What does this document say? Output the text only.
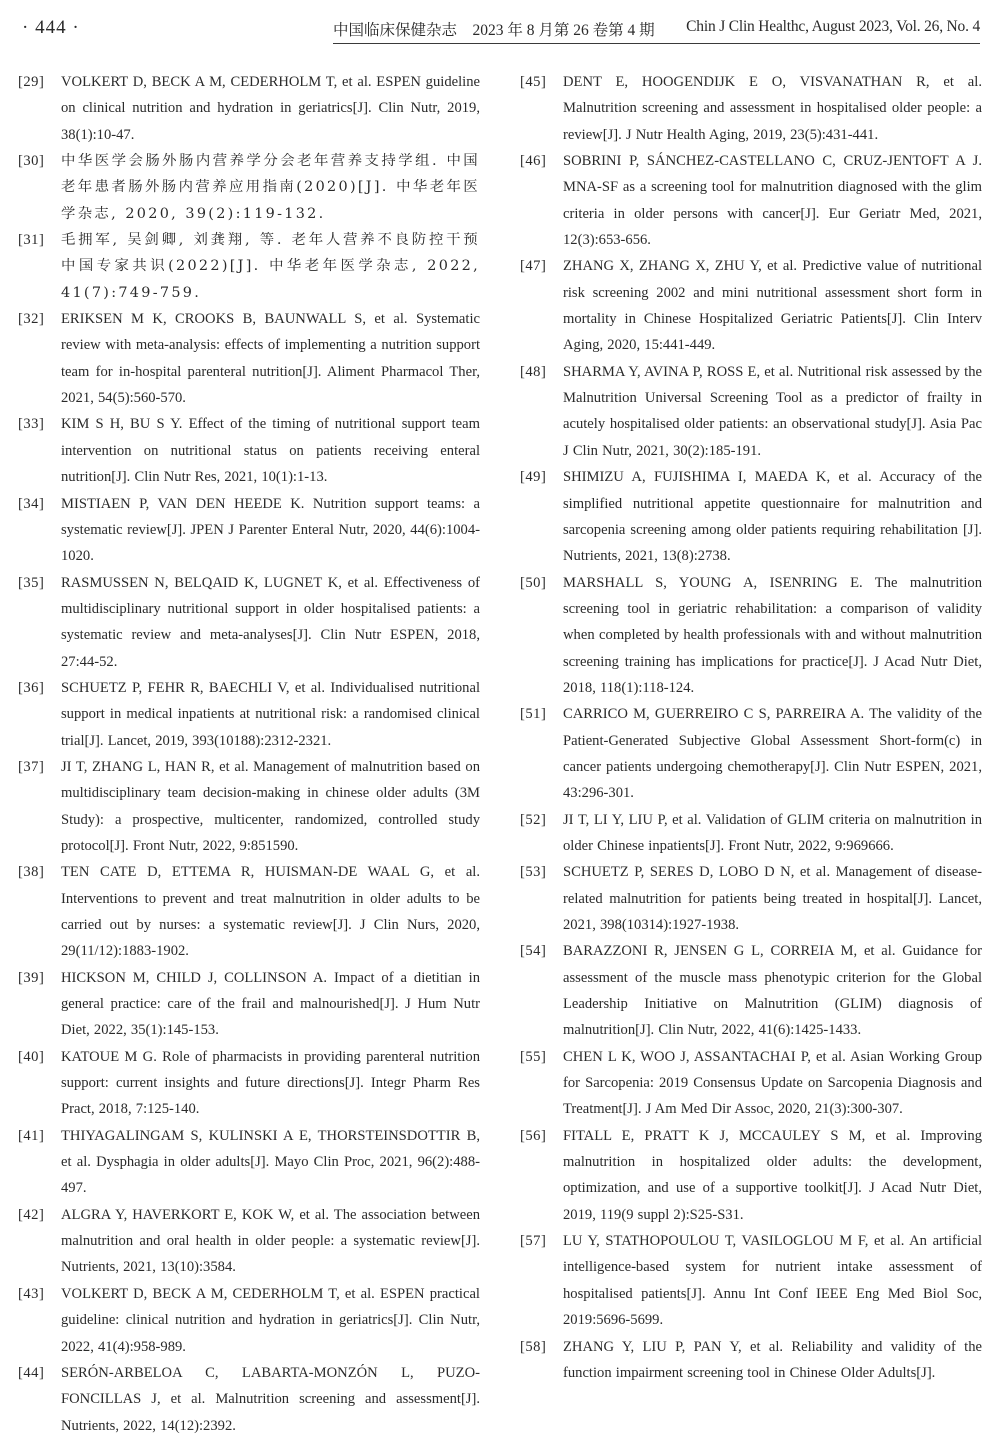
· 444 ·	中国临床保健杂志　2023 年 8 月第 26 卷第 4 期 Chin J Clin Healthc, August 2023, Vol. 26, No. 4
[29] VOLKERT D, BECK A M, CEDERHOLM T, et al. ESPEN guideline on clinical nutrition and hydration in geriatrics[J]. Clin Nutr, 2019, 38(1):10-47.
[30] 中华医学会肠外肠内营养学分会老年营养支持学组. 中国老年患者肠外肠内营养应用指南(2020)[J]. 中华老年医学杂志, 2020, 39(2):119-132.
[31] 毛拥军, 吴剑卿, 刘龚翔, 等. 老年人营养不良防控干预中国专家共识(2022)[J]. 中华老年医学杂志, 2022, 41(7):749-759.
[32] ERIKSEN M K, CROOKS B, BAUNWALL S, et al. Systematic review with meta-analysis: effects of implementing a nutrition support team for in-hospital parenteral nutrition[J]. Aliment Pharmacol Ther, 2021, 54(5):560-570.
[33] KIM S H, BU S Y. Effect of the timing of nutritional support team intervention on nutritional status on patients receiving enteral nutrition[J]. Clin Nutr Res, 2021, 10(1):1-13.
[34] MISTIAEN P, VAN DEN HEEDE K. Nutrition support teams: a systematic review[J]. JPEN J Parenter Enteral Nutr, 2020, 44(6):1004-1020.
[35] RASMUSSEN N, BELQAID K, LUGNET K, et al. Effectiveness of multidisciplinary nutritional support in older hospitalised patients: a systematic review and meta-analyses[J]. Clin Nutr ESPEN, 2018, 27:44-52.
[36] SCHUETZ P, FEHR R, BAECHLI V, et al. Individualised nutritional support in medical inpatients at nutritional risk: a randomised clinical trial[J]. Lancet, 2019, 393(10188):2312-2321.
[37] JI T, ZHANG L, HAN R, et al. Management of malnutrition based on multidisciplinary team decision-making in chinese older adults (3M Study): a prospective, multicenter, randomized, controlled study protocol[J]. Front Nutr, 2022, 9:851590.
[38] TEN CATE D, ETTEMA R, HUISMAN-DE WAAL G, et al. Interventions to prevent and treat malnutrition in older adults to be carried out by nurses: a systematic review[J]. J Clin Nurs, 2020, 29(11/12):1883-1902.
[39] HICKSON M, CHILD J, COLLINSON A. Impact of a dietitian in general practice: care of the frail and malnourished[J]. J Hum Nutr Diet, 2022, 35(1):145-153.
[40] KATOUE M G. Role of pharmacists in providing parenteral nutrition support: current insights and future directions[J]. Integr Pharm Res Pract, 2018, 7:125-140.
[41] THIYAGALINGAM S, KULINSKI A E, THORSTEINSDOTTIR B, et al. Dysphagia in older adults[J]. Mayo Clin Proc, 2021, 96(2):488-497.
[42] ALGRA Y, HAVERKORT E, KOK W, et al. The association between malnutrition and oral health in older people: a systematic review[J]. Nutrients, 2021, 13(10):3584.
[43] VOLKERT D, BECK A M, CEDERHOLM T, et al. ESPEN practical guideline: clinical nutrition and hydration in geriatrics[J]. Clin Nutr, 2022, 41(4):958-989.
[44] SERÓN-ARBELOA C, LABARTA-MONZÓN L, PUZO-FONCILLAS J, et al. Malnutrition screening and assessment[J]. Nutrients, 2022, 14(12):2392.
[45] DENT E, HOOGENDIJK E O, VISVANATHAN R, et al. Malnutrition screening and assessment in hospitalised older people: a review[J]. J Nutr Health Aging, 2019, 23(5):431-441.
[46] SOBRINI P, SÁNCHEZ-CASTELLANO C, CRUZ-JENTOFT A J. MNA-SF as a screening tool for malnutrition diagnosed with the glim criteria in older persons with cancer[J]. Eur Geriatr Med, 2021, 12(3):653-656.
[47] ZHANG X, ZHANG X, ZHU Y, et al. Predictive value of nutritional risk screening 2002 and mini nutritional assessment short form in mortality in Chinese Hospitalized Geriatric Patients[J]. Clin Interv Aging, 2020, 15:441-449.
[48] SHARMA Y, AVINA P, ROSS E, et al. Nutritional risk assessed by the Malnutrition Universal Screening Tool as a predictor of frailty in acutely hospitalised older patients: an observational study[J]. Asia Pac J Clin Nutr, 2021, 30(2):185-191.
[49] SHIMIZU A, FUJISHIMA I, MAEDA K, et al. Accuracy of the simplified nutritional appetite questionnaire for malnutrition and sarcopenia screening among older patients requiring rehabilitation [J]. Nutrients, 2021, 13(8):2738.
[50] MARSHALL S, YOUNG A, ISENRING E. The malnutrition screening tool in geriatric rehabilitation: a comparison of validity when completed by health professionals with and without malnutrition screening training has implications for practice[J]. J Acad Nutr Diet, 2018, 118(1):118-124.
[51] CARRICO M, GUERREIRO C S, PARREIRA A. The validity of the Patient-Generated Subjective Global Assessment Short-form(c) in cancer patients undergoing chemotherapy[J]. Clin Nutr ESPEN, 2021, 43:296-301.
[52] JI T, LI Y, LIU P, et al. Validation of GLIM criteria on malnutrition in older Chinese inpatients[J]. Front Nutr, 2022, 9:969666.
[53] SCHUETZ P, SERES D, LOBO D N, et al. Management of disease-related malnutrition for patients being treated in hospital[J]. Lancet, 2021, 398(10314):1927-1938.
[54] BARAZZONI R, JENSEN G L, CORREIA M, et al. Guidance for assessment of the muscle mass phenotypic criterion for the Global Leadership Initiative on Malnutrition (GLIM) diagnosis of malnutrition[J]. Clin Nutr, 2022, 41(6):1425-1433.
[55] CHEN L K, WOO J, ASSANTACHAI P, et al. Asian Working Group for Sarcopenia: 2019 Consensus Update on Sarcopenia Diagnosis and Treatment[J]. J Am Med Dir Assoc, 2020, 21(3):300-307.
[56] FITALL E, PRATT K J, MCCAULEY S M, et al. Improving malnutrition in hospitalized older adults: the development, optimization, and use of a supportive toolkit[J]. J Acad Nutr Diet, 2019, 119(9 suppl 2):S25-S31.
[57] LU Y, STATHOPOULOU T, VASILOGLOU M F, et al. An artificial intelligence-based system for nutrient intake assessment of hospitalised patients[J]. Annu Int Conf IEEE Eng Med Biol Soc, 2019:5696-5699.
[58] ZHANG Y, LIU P, PAN Y, et al. Reliability and validity of the function impairment screening tool in Chinese Older Adults[J].
